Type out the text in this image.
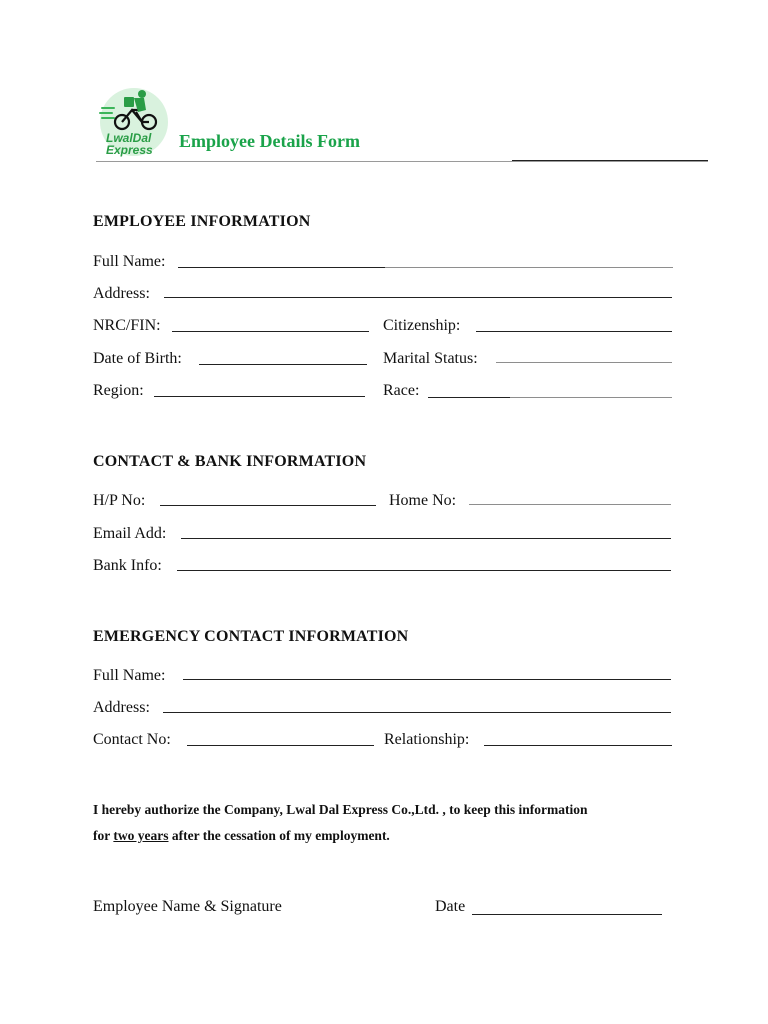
LwalDal
Express Employee Details Form
EMPLOYEE INFORMATION
Full Name:
Address:
NRC/FIN:	Citizenship:
Date of Birth:	Marital Status:
Region:	Race:
CONTACT & BANK INFORMATION
H/P No:	Home No:
Email Add:
Bank Info:
EMERGENCY CONTACT INFORMATION
Full Name:
Address:
Contact No:	Relationship:
I hereby authorize the Company, Lwal Dal Express Co.,Ltd. , to keep this information
for two years after the cessation of my employment.
Employee Name & Signature	Date
